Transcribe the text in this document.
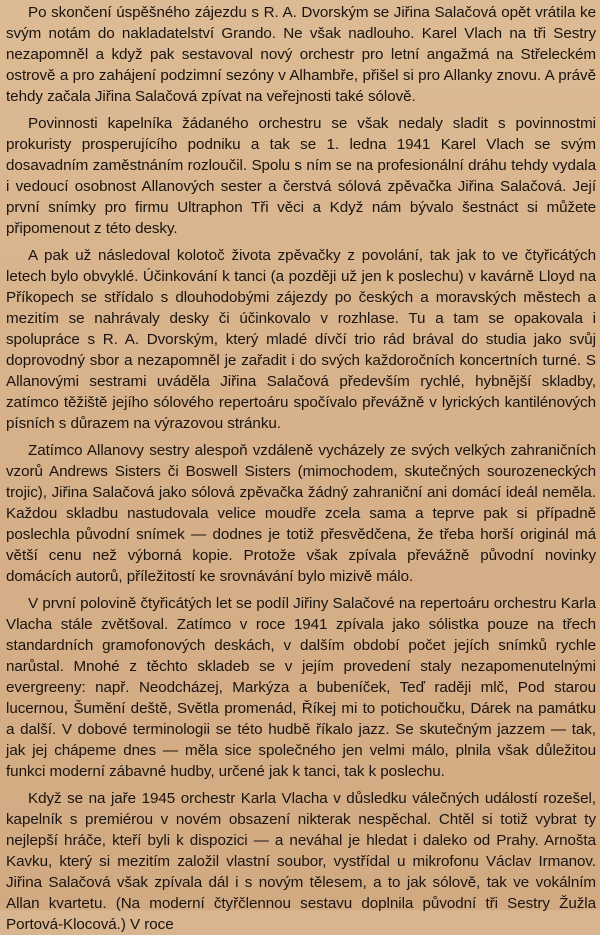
Po skončení úspěšného zájezdu s R. A. Dvorským se Jiřina Salačová opět vrátila ke svým notám do nakladatelství Grando. Ne však nadlouho. Karel Vlach na tři Sestry nezapomněl a když pak sestavoval nový orchestr pro letní angažmá na Střeleckém ostrově a pro zahájení podzimní sezóny v Alhambře, přišel si pro Allanky znovu. A právě tehdy začala Jiřina Salačová zpívat na veřejnosti také sólově.

Povinnosti kapelníka žádaného orchestru se však nedaly sladit s povinnostmi prokuristy prosperujícího podniku a tak se 1. ledna 1941 Karel Vlach se svým dosavadním zaměstnáním rozloučil. Spolu s ním se na profesionální dráhu tehdy vydala i vedoucí osobnost Allanových sester a čerstvá sólová zpěvačka Jiřina Salačová. Její první snímky pro firmu Ultraphon Tři věci a Když nám bývalo šestnáct si můžete připomenout z této desky.

A pak už následoval kolotoč života zpěvačky z povolání, tak jak to ve čtyřicátých letech bylo obvyklé. Účinkování k tanci (a později už jen k poslechu) v kavárně Lloyd na Příkopech se střídalo s dlouhodobými zájezdy po českých a moravských městech a mezitím se nahrávaly desky či účinkovalo v rozhlase. Tu a tam se opakovala i spolupráce s R. A. Dvorským, který mladé dívčí trio rád brával do studia jako svůj doprovodný sbor a nezapomněl je zařadit i do svých každoročních koncertních turné. S Allanovými sestrami uváděla Jiřina Salačová především rychlé, hybnější skladby, zatímco těžiště jejího sólového repertoáru spočívalo převážně v lyrických kantilénových písních s důrazem na výrazovou stránku.

Zatímco Allanovy sestry alespoň vzdáleně vycházely ze svých velkých zahraničních vzorů Andrews Sisters či Boswell Sisters (mimochodem, skutečných sourozeneckých trojic), Jiřina Salačová jako sólová zpěvačka žádný zahraniční ani domácí ideál neměla. Každou skladbu nastudovala velice moudře zcela sama a teprve pak si případně poslechla původní snímek — dodnes je totiž přesvědčena, že třeba horší originál má větší cenu než výborná kopie. Protože však zpívala převážně původní novinky domácích autorů, příležitostí ke srovnávání bylo mizivě málo.

V první polovině čtyřicátých let se podíl Jiřiny Salačové na repertoáru orchestru Karla Vlacha stále zvětšoval. Zatímco v roce 1941 zpívala jako sólistka pouze na třech standardních gramofonových deskách, v dalším období počet jejích snímků rychle narůstal. Mnohé z těchto skladeb se v jejím provedení staly nezapomenutelnými evergreeny: např. Neodcházej, Markýza a bubeníček, Teď raději mlč, Pod starou lucernou, Šumění deště, Světla promenád, Říkej mi to potichoučku, Dárek na památku a další. V dobové terminologii se této hudbě říkalo jazz. Se skutečným jazzem — tak, jak jej chápeme dnes — měla sice společného jen velmi málo, plnila však důležitou funkci moderní zábavné hudby, určené jak k tanci, tak k poslechu.

Když se na jaře 1945 orchestr Karla Vlacha v důsledku válečných událostí rozešel, kapelník s premiérou v novém obsazení nikterak nespěchal. Chtěl si totiž vybrat ty nejlepší hráče, kteří byli k dispozici — a neváhal je hledat i daleko od Prahy. Arnošta Kavku, který si mezitím založil vlastní soubor, vystřídal u mikrofonu Václav Irmanov. Jiřina Salačová však zpívala dál i s novým tělesem, a to jak sólově, tak ve vokálním Allan kvartetu. (Na moderní čtyřčlennou sestavu doplnila původní tři Sestry Žužla Portová-Klocová.) V roce
